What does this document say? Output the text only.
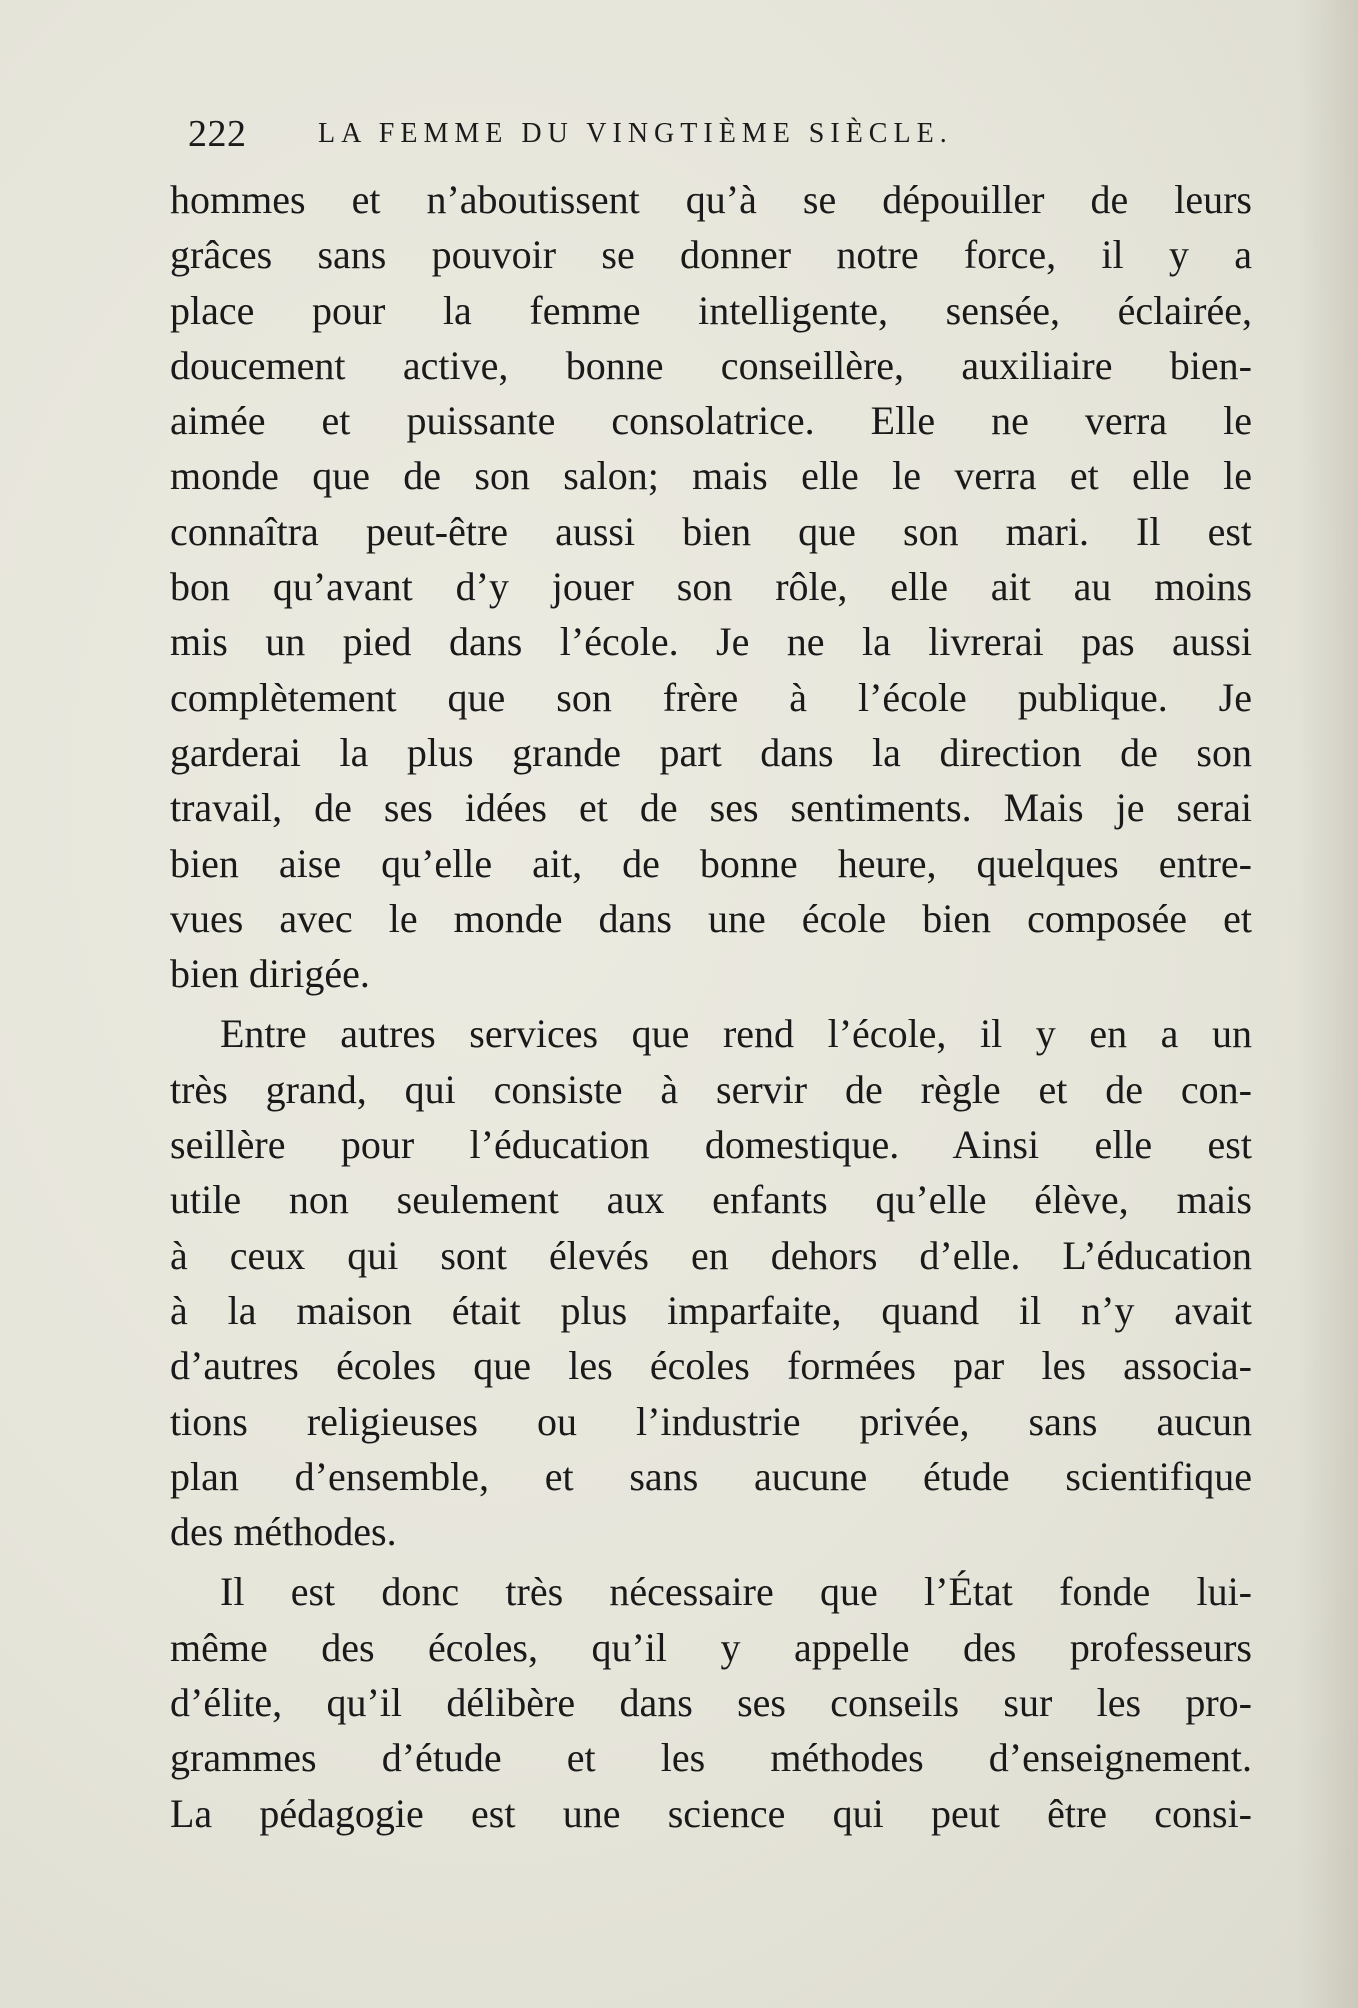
222	LA FEMME DU VINGTIÈME SIÈCLE.
hommes et n’aboutissent qu’à se dépouiller de leurs
grâces sans pouvoir se donner notre force, il y a
place pour la femme intelligente, sensée, éclairée,
doucement active, bonne conseillère, auxiliaire bien-
aimée et puissante consolatrice. Elle ne verra le
monde que de son salon; mais elle le verra et elle le
connaîtra peut-être aussi bien que son mari. Il est
bon qu’avant d’y jouer son rôle, elle ait au moins
mis un pied dans l’école. Je ne la livrerai pas aussi
complètement que son frère à l’école publique. Je
garderai la plus grande part dans la direction de son
travail, de ses idées et de ses sentiments. Mais je serai
bien aise qu’elle ait, de bonne heure, quelques entre-
vues avec le monde dans une école bien composée et
bien dirigée.
Entre autres services que rend l’école, il y en a un
très grand, qui consiste à servir de règle et de con-
seillère pour l’éducation domestique. Ainsi elle est
utile non seulement aux enfants qu’elle élève, mais
à ceux qui sont élevés en dehors d’elle. L’éducation
à la maison était plus imparfaite, quand il n’y avait
d’autres écoles que les écoles formées par les associa-
tions religieuses ou l’industrie privée, sans aucun
plan d’ensemble, et sans aucune étude scientifique
des méthodes.
Il est donc très nécessaire que l’État fonde lui-
même des écoles, qu’il y appelle des professeurs
d’élite, qu’il délibère dans ses conseils sur les pro-
grammes d’étude et les méthodes d’enseignement.
La pédagogie est une science qui peut être consi-
